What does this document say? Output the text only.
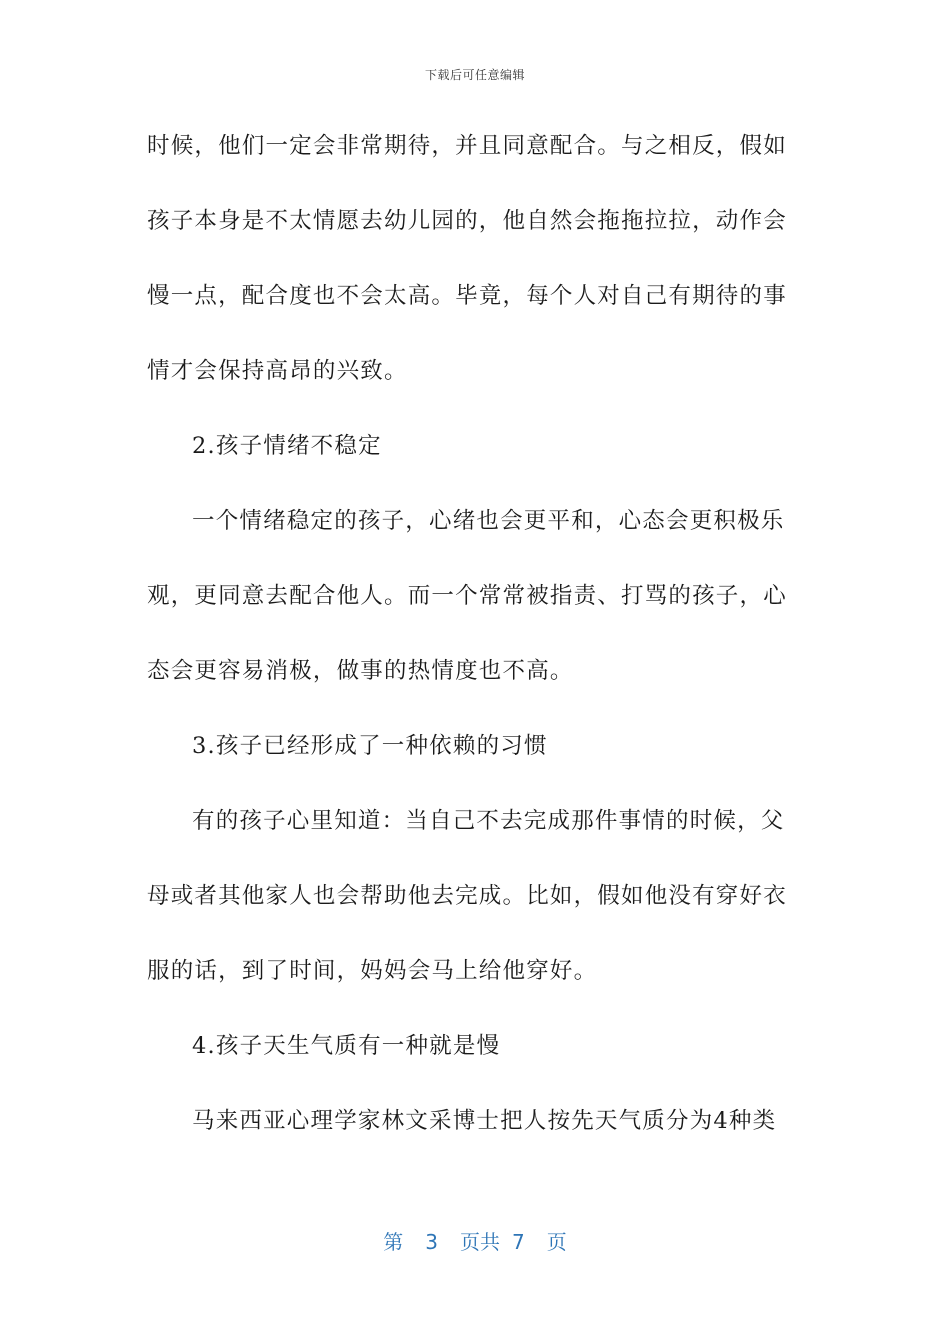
下载后可任意编辑
时候，他们一定会非常期待，并且同意配合。与之相反，假如
孩子本身是不太情愿去幼儿园的，他自然会拖拖拉拉，动作会
慢一点，配合度也不会太高。毕竟，每个人对自己有期待的事
情才会保持高昂的兴致。
2.孩子情绪不稳定
一个情绪稳定的孩子，心绪也会更平和，心态会更积极乐
观，更同意去配合他人。而一个常常被指责、打骂的孩子，心
态会更容易消极，做事的热情度也不高。
3.孩子已经形成了一种依赖的习惯
有的孩子心里知道：当自己不去完成那件事情的时候，父
母或者其他家人也会帮助他去完成。比如，假如他没有穿好衣
服的话，到了时间，妈妈会马上给他穿好。
4.孩子天生气质有一种就是慢
马来西亚心理学家林文采博士把人按先天气质分为4种类
第 3 页共 7 页
